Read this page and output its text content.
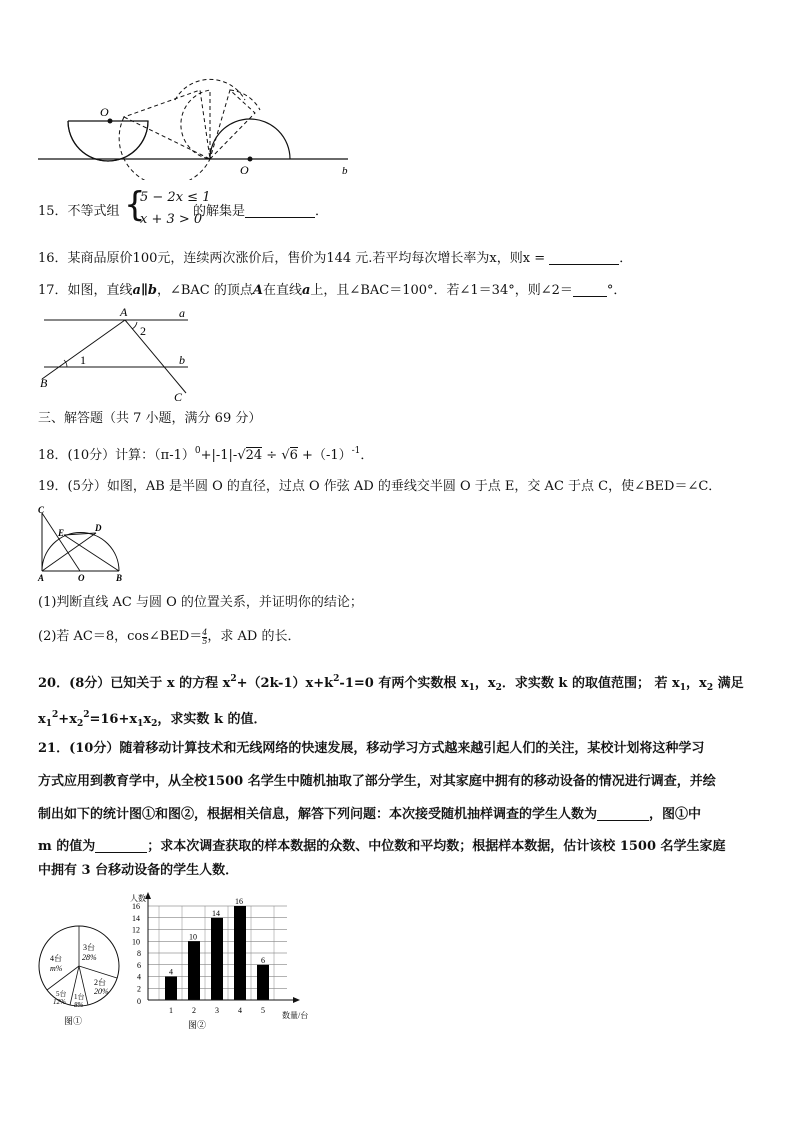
O
O	b
15．不等式组 {
5 − 2x ≤ 1
x + 3 > 0
的解集是	．
16．某商品原价100元，连续两次涨价后，售价为144 元.若平均每次增长率为x，则x =	．
17．如图，直线a∥b，∠BAC 的顶点A在直线a上，且∠BAC＝100°．若∠1＝34°，则∠2＝	°．
A	a
b
B
C
1
2
三、解答题（共 7 小题，满分 69 分）
18．(10分）计算：$(\pi-1)^0+|-1|-√24 \div √6 +(-1)^{-1}$．
19．(5分）如图，AB 是半圆 O 的直径，过点 O 作弦 AD 的垂线交半圆 O 于点 E，交 AC 于点 C，使∠BED＝∠C．
C
E	D
A	O	B
(1)判断直线 AC 与圆 O 的位置关系，并证明你的结论；
(2)若 AC＝8，cos∠BED＝ $\frac{4}{5}$ ，求 AD 的长．
20．(8分）已知关于 x 的方程 $x^2+(2k-1)x+k^2-1=0$ 有两个实数根 $x_1$，$x_2$．求实数 k 的取值范围； 若 $x_1$，$x_2$ 满足
$x_1^2+x_2^2=16+x_1x_2$，求实数 k 的值．
21．(10分）随着移动计算技术和无线网络的快速发展，移动学习方式越来越引起人们的关注，某校计划将这种学习
方式应用到教育学中，从全校1500 名学生中随机抽取了部分学生，对其家庭中拥有的移动设备的情况进行调查，并绘
制出如下的统计图①和图②，根据相关信息，解答下列问题：本次接受随机抽样调查的学生人数为	，图①中
m 的值为	；求本次调查获取的样本数据的众数、中位数和平均数；根据样本数据，估计该校 1500 名学生家庭
中拥有 3 台移动设备的学生人数．
3台
28%
2台
20%
1台
8%
5台
12%
4台
m%
图①
2
4
6
8
10
12
14
16
4
10
14
16
6
1 2 3 4 5
人数
数量/台
图②
0
